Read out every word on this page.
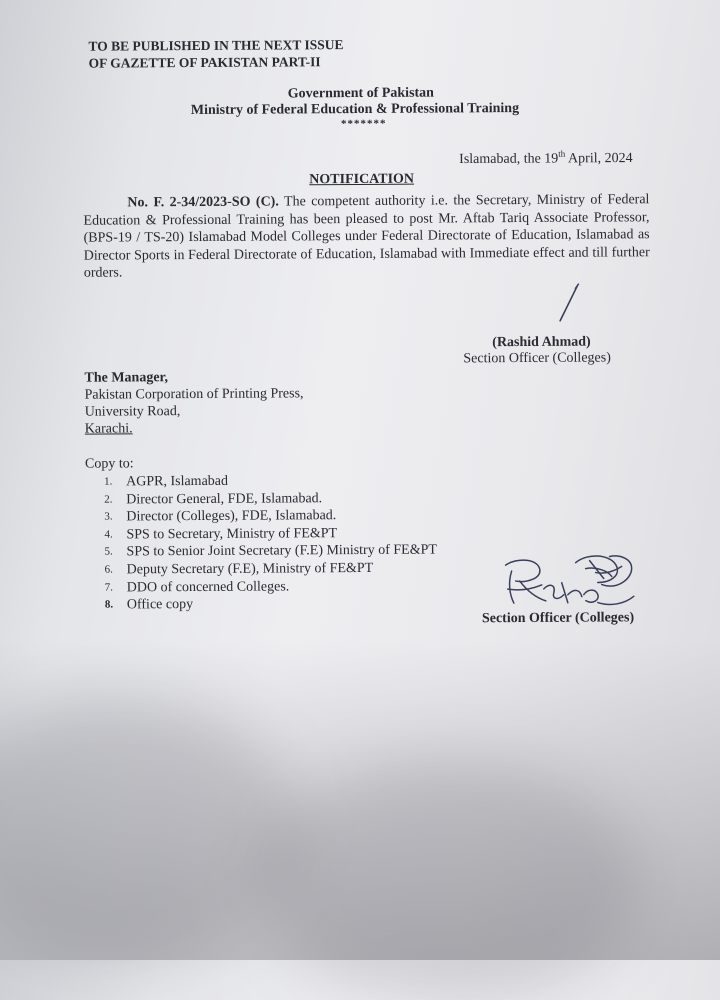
TO BE PUBLISHED IN THE NEXT ISSUE
OF GAZETTE OF PAKISTAN PART-II
Government of Pakistan
Ministry of Federal Education & Professional Training
*******
Islamabad, the 19th April, 2024
NOTIFICATION
No. F. 2-34/2023-SO (C). The competent authority i.e. the Secretary, Ministry of Federal Education & Professional Training has been pleased to post Mr. Aftab Tariq Associate Professor, (BPS-19 / TS-20) Islamabad Model Colleges under Federal Directorate of Education, Islamabad as Director Sports in Federal Directorate of Education, Islamabad with Immediate effect and till further orders.
(Rashid Ahmad)
Section Officer (Colleges)
The Manager,
Pakistan Corporation of Printing Press,
University Road,
Karachi.
Copy to:
1. AGPR, Islamabad
2. Director General, FDE, Islamabad.
3. Director (Colleges), FDE, Islamabad.
4. SPS to Secretary, Ministry of FE&PT
5. SPS to Senior Joint Secretary (F.E) Ministry of FE&PT
6. Deputy Secretary (F.E), Ministry of FE&PT
7. DDO of concerned Colleges.
8. Office copy
Section Officer (Colleges)
